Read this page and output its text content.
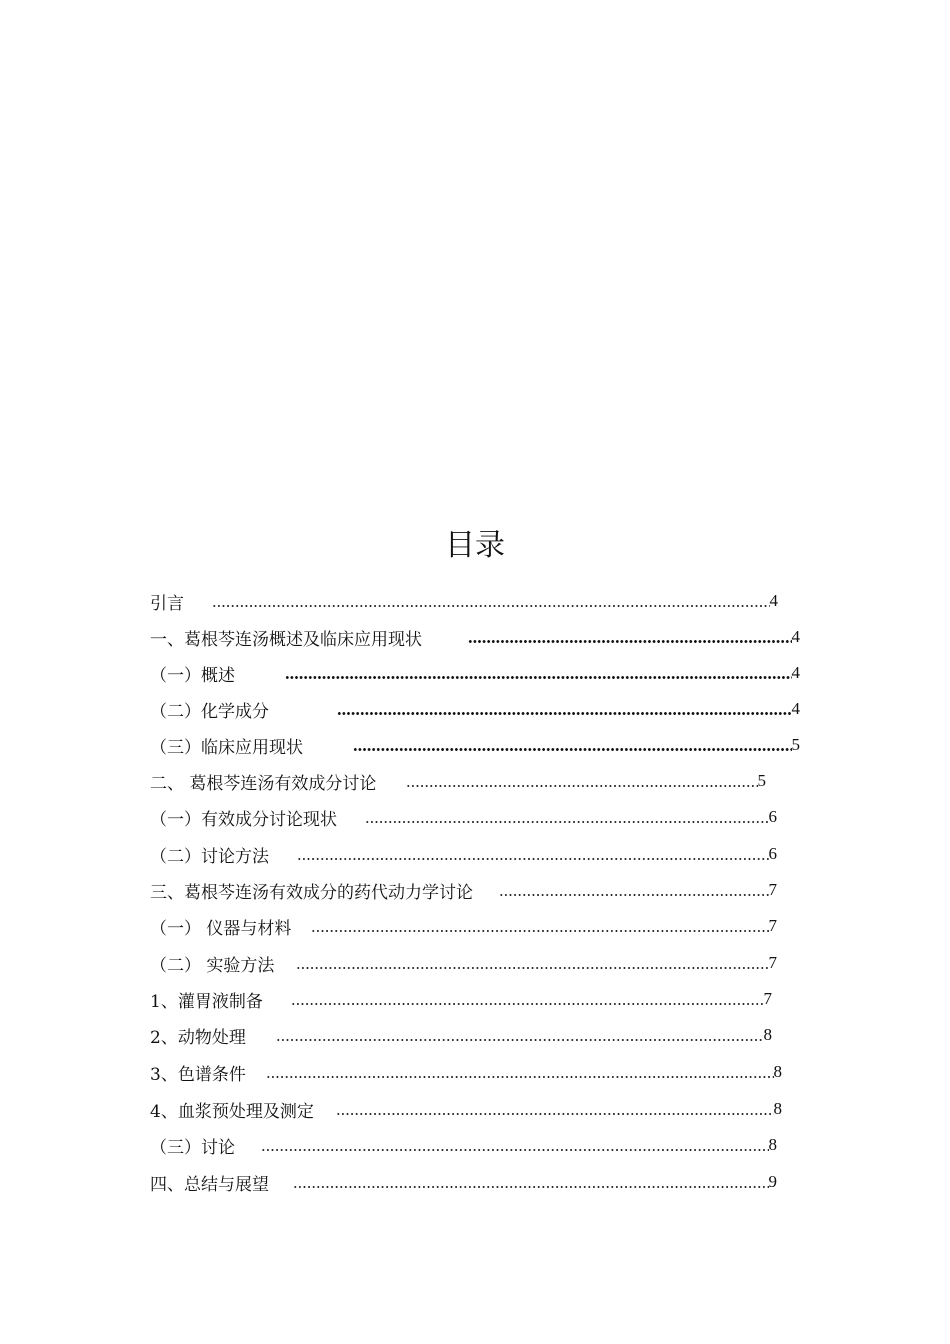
目录
引言	4
一、葛根芩连汤概述及临床应用现状	4
（一）概述	4
（二）化学成分	4
（三）临床应用现状	5
二、 葛根芩连汤有效成分讨论	5
（一）有效成分讨论现状	6
（二）讨论方法	6
三、葛根芩连汤有效成分的药代动力学讨论	7
（一） 仪器与材料	7
（二） 实验方法	7
1、灌胃液制备	7
2、动物处理	8
3、色谱条件	8
4、血浆预处理及测定	8
（三）讨论	8
四、总结与展望	9
